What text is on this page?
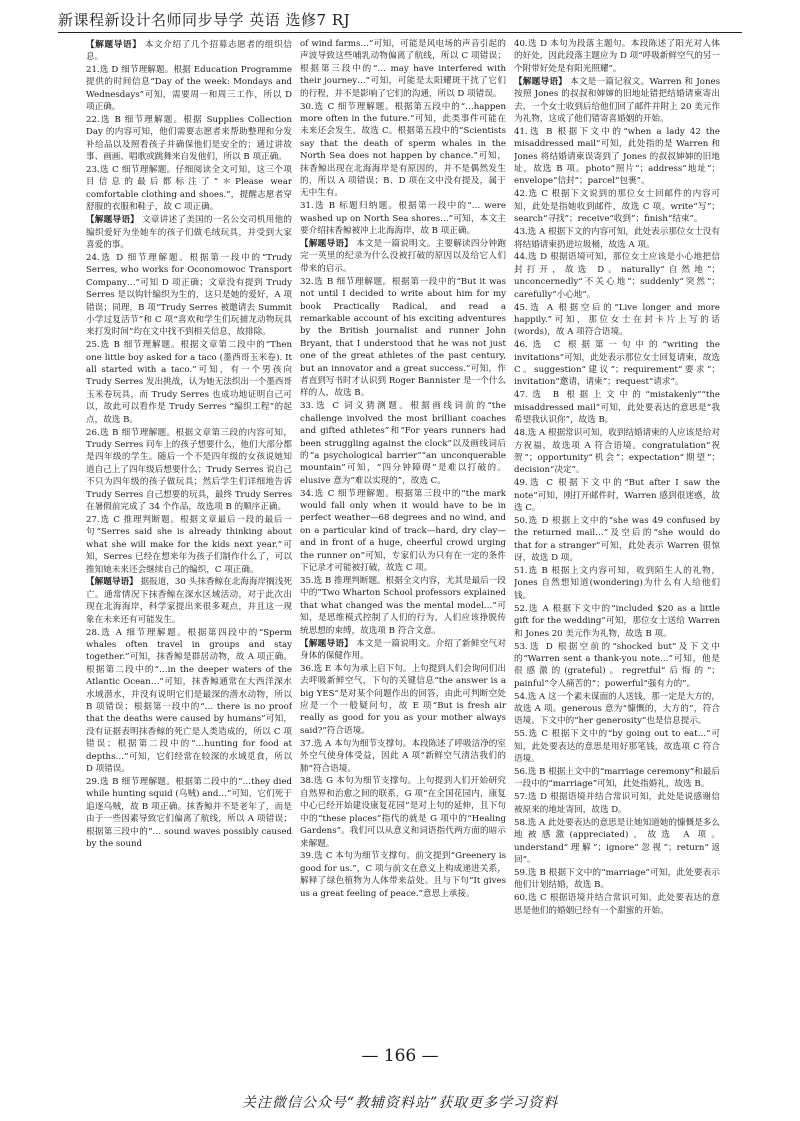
新课程新设计名师同步导学 英语 选修7 RJ

【解题导语】 本文介绍了几个招募志愿者的组织信息。

21.选 D 细节理解题。根据 Education Programme 提供的时间信息“Day of the week: Mondays and Wednesdays”可知，需要周一和周三工作，所以 D 项正确。

22.选 B 细节理解题。根据 Supplies Collection Day 的内容可知，他们需要志愿者来帮助整理和分发补给品以及照看孩子并确保他们是安全的；通过讲故事、画画、唱歌或跳舞来自发他们，所以 B 项正确。

23.选 C 细节理解题。仔细阅读全文可知，这三个项目信息的最后都标注了“＊Please wear comfortable clothing and shoes.”，提醒志愿者穿舒服的衣服和鞋子，故 C 项正确。

【解题导语】 文章讲述了美国的一名公交司机用他的编织爱好为坐她车的孩子们做毛绒玩具，并受到大家喜爱的事。

24.选 D 细节理解题。根据第一段中的“Trudy Serres, who works for Oconomowoc Transport Company…”可知 D 项正确；文章没有提到 Trudy Serres 是以钩针编织为生的，这只是她的爱好，A 项错误；同理，B 项“Trudy Serres 被邀请去 Summit 小学过复活节”和 C 项“喜欢和学生们玩捕龙动物玩具来打发时间”均在文中找不到相关信息，故排除。

25.选 B 细节理解题。根据文章第二段中的“Then one little boy asked for a taco (墨西哥玉米卷). It all started with a taco.”可知，有一个男孩向 Trudy Serres 发出挑战，认为她无法织出一个墨西哥玉米卷玩具，而 Trudy Serres 也成功地证明自己可以，故此可以看作是 Trudy Serres “编织工程”的起点，故选 B。

26.选 B 细节理解题。根据文章第三段的内容可知，Trudy Serres 问车上的孩子想要什么，他们大部分都是四年级的学生。随后一个不是四年级的女孩说她知道自己上了四年级后想要什么；Trudy Serres 说自己不只为四年级的孩子做玩具；然后学生们详细地告诉 Trudy Serres 自己想要的玩具，最终 Trudy Serres 在暑假前完成了 34 个作品，故选项 B 的顺序正确。

27.选 C 推理判断题。根据文章最后一段的最后一句“Serres said she is already thinking about what she will make for the kids next year.”可知，Serres 已经在想来年为孩子们制作什么了，可以推知她未来还会继续自己的编织，C 项正确。

【解题导语】 据报道，30 头抹香鲸在北海海岸搁浅死亡。通常情况下抹香鲸在深水区域活动，对于此次出现在北海海岸，科学家提出来很多观点，并且这一现象在未来还有可能发生。

28.选 A 细节理解题。根据第四段中的“Sperm whales often travel in groups and stay together.”可知，抹香鲸是群居动物，故 A 项正确。根据第二段中的“…in the deeper waters of the Atlantic Ocean…”可知，抹香鲸通常在大西洋深水水域潜水，并没有说明它们是最深的潜水动物，所以 B 项错误；根据第一段中的“… there is no proof that the deaths were caused by humans”可知，没有证据表明抹香鲸的死亡是人类造成的，所以 C 项错误；根据第二段中的“…hunting for food at depths…”可知，它们经常在较深的水域觅食，所以 D 项错误。

29.选 B 细节理解题。根据第二段中的“…they died while hunting squid (乌贼) and…”可知，它们死于追逐乌贼，故 B 项正确。抹香鲸并不是老年了，而是由于一些因素导致它们偏离了航线，所以 A 项错误；根据第三段中的“… sound waves possibly caused by the sound

of wind farms…”可知，可能是风电场的声音引起的声波导致这些哺乳动物偏离了航线，所以 C 项错误；根据第三段中的“… may have interfered with their journey…”可知，可能是太阳耀斑干扰了它们的行程，并不是影响了它们的沟通，所以 D 项错误。

30.选 C 细节理解题。根据第五段中的“…happen more often in the future.”可知，此类事件可能在未来还会发生，故选 C。根据第五段中的“Scientists say that the death of sperm whales in the North Sea does not happen by chance.”可知，抹香鲸出现在北海海岸是有原因的，并不是偶然发生的，所以 A 项错误；B、D 项在文中没有提及，属于无中生有。

31.选 B 标题归纳题。根据第一段中的“… were washed up on North Sea shores…”可知，本文主要介绍抹香鲸被冲上北海海岸，故 B 项正确。

【解题导语】 本文是一篇说明文。主要解读四分钟跑完一英里的纪录为什么没被打破的原因以及给它人们带来的启示。

32.选 B 细节理解题。根据第一段中的“But it was not until I decided to write about him for my book Practically Radical, and read a remarkable account of his exciting adventures by the British journalist and runner John Bryant, that I understood that he was not just one of the great athletes of the past century, but an innovator and a great success.”可知，作者直到写书时才认识到 Roger Bannister 是一个什么样的人，故选 B。

33.选 C 词义猜测题。根据画线词前的“the challenge involved the most brilliant coaches and gifted athletes”和“For years runners had been struggling against the clock”以及画线词后的“a psychological barrier”“an unconquerable mountain”可知，“四分钟障碍”是难以打破的。elusive 意为“难以实现的”，故选 C。

34.选 C 细节理解题。根据第三段中的“the mark would fall only when it would have to be in perfect weather—68 degrees and no wind, and on a particular kind of track—hard, dry clay—and in front of a huge, cheerful crowd urging the runner on”可知，专家们认为只有在一定的条件下记录才可能被打破，故选 C 项。

35.选 B 推理判断题。根据全文内容，尤其是最后一段中的“Two Wharton School professors explained that what changed was the mental model…”可知，是思维模式控制了人们的行为，人们应该挣脱传统思想的束缚，故选项 B 符合文意。

【解题导语】 本文是一篇说明文。介绍了新鲜空气对身体的保健作用。

36.选 E 本句为承上启下句。上句提到人们会询问们出去呼吸新鲜空气，下句的关键信息“the answer is a big YES”是对某个问题作出的回答，由此可判断空处应是一个一般疑问句，故 E 项“But is fresh air really as good for you as your mother always said?”符合语境。

37.选 A 本句为细节支撑句。本段陈述了呼吸洁净的室外空气使身体受益，因此 A 项“新鲜空气清洁我们的肺”符合语境。

38.选 G 本句为细节支撑句。上句提到人们开始研究自然界和治愈之间的联系，G 项“在全国花园内，康复中心已经开始建设康复花园”是对上句的延伸，且下句中的“these places”指代的就是 G 项中的“Healing Gardens”。我们可以从意义和词语指代两方面的暗示来解题。

39.选 C 本句为细节支撑句。前文提到“Greenery is good for us.”，C 项与前文在意义上构成递进关系，解释了绿色植物为人体带来益处。且与下句“It gives us a great feeling of peace.”意思上承接。

40.选 D 本句为段落主题句。本段陈述了阳光对人体的好处，因此段落主题应为 D 项“呼吸新鲜空气的另一个附带好处是有阳光照耀”。

【解题导语】 本文是一篇记叙文。Warren 和 Jones 按照 Jones 的叔叔和婶婶的旧地址错把结婚请柬寄出去，一个女士收到后给他们回了邮件并附上 20 美元作为礼物，这成了他们错寄喜婚姻的开始。

41.选 B 根据下文中的“when a lady 42 the misaddressed mail”可知，此处指的是 Warren 和 Jones 将结婚请柬误寄到了 Jones 的叔叔婶婶的旧地址，故选 B 项。photo“照片”；address“地址”；envelope“信封”；parcel“包裹”。

42.选 C 根据下文说到的那位女士回邮件的内容可知，此处是指她收到邮件，故选 C 项。write“写”；search“寻找”；receive“收到”；finish“结束”。

43.选 A 根据下文的内容可知，此处表示那位女士没有将结婚请柬扔进垃圾桶，故选 A 项。

44.选 D 根据语境可知，那位女士应该是小心地把信封打开，故选 D。naturally“自然地”；unconcernedly“不关心地”；suddenly“突然”；carefully“小心地”。

45.选 A 根据空后的“Live longer and more happily.”可知，那位女士在封卡片上写的话(words)，故 A 项符合语境。

46.选 C 根据第一句中的“writing the invitations”可知，此处表示那位女士回复请柬，故选 C。suggestion“建议”；requirement“要求”；invitation“邀请，请柬”；request“请求”。

47.选 B 根据上文中的“mistakenly”“the misaddressed mail”可知，此处要表达的意思是“我希望我认识你”，故选 B。

48.选 A 根据常识可知，收到结婚请柬的人应该是给对方祝福，故选项 A 符合语境。congratulation“祝贺”；opportunity“机会”；expectation“期望”；decision“决定”。

49.选 C 根据下文中的“But after I saw the note”可知，刚打开邮件时，Warren 感到很迷惑，故选 C。

50.选 D 根据上文中的“she was 49 confused by the returned mail…”及空后的“she would do that for a stranger”可知，此处表示 Warren 很惊讶，故选 D 项。

51.选 B 根据上文内容可知，收到陌生人的礼物，Jones 自然想知道(wondering)为什么有人给他们钱。

52.选 A 根据下文中的“included $20 as a little gift for the wedding”可知，那位女士送给 Warren 和 Jones 20 美元作为礼物，故选 B 项。

53.选 D 根据空前的“shocked but”及下文中的“Warren sent a thank-you note…”可知，他是很感激的(grateful)。regretful“后悔的”；painful“令人痛苦的”；powerful“强有力的”。

54.选 A 这一个素未谋面的人送钱，那一定是大方的，故选 A 项。generous 意为“慷慨的，大方的”，符合语境。下文中的“her generosity”也是信息提示。

55.选 C 根据下文中的“by going out to eat…”可知，此处要表达的意思是用好那笔钱，故选项 C 符合语境。

56.选 B 根据上文中的“marriage ceremony”和最后一段中的“marriage”可知，此处指婚礼，故选 B。

57.选 D 根据语境并结合常识可知，此处是说感谢信被原来的地址寄回，故选 D。

58.选 A 此处要表达的意思是让她知道她的慷慨是多么地被感激(appreciated)，故选 A 项。understand“理解”；ignore“忽视”；return“返回”。

59.选 B 根据下文中的“marriage”可知，此处要表示他们计划结婚，故选 B。

60.选 C 根据语境并结合常识可知，此处要表达的意思是他们的婚姻已经有一个甜蜜的开始。

— 166 —
关注微信公众号“教辅资料站”获取更多学习资料
